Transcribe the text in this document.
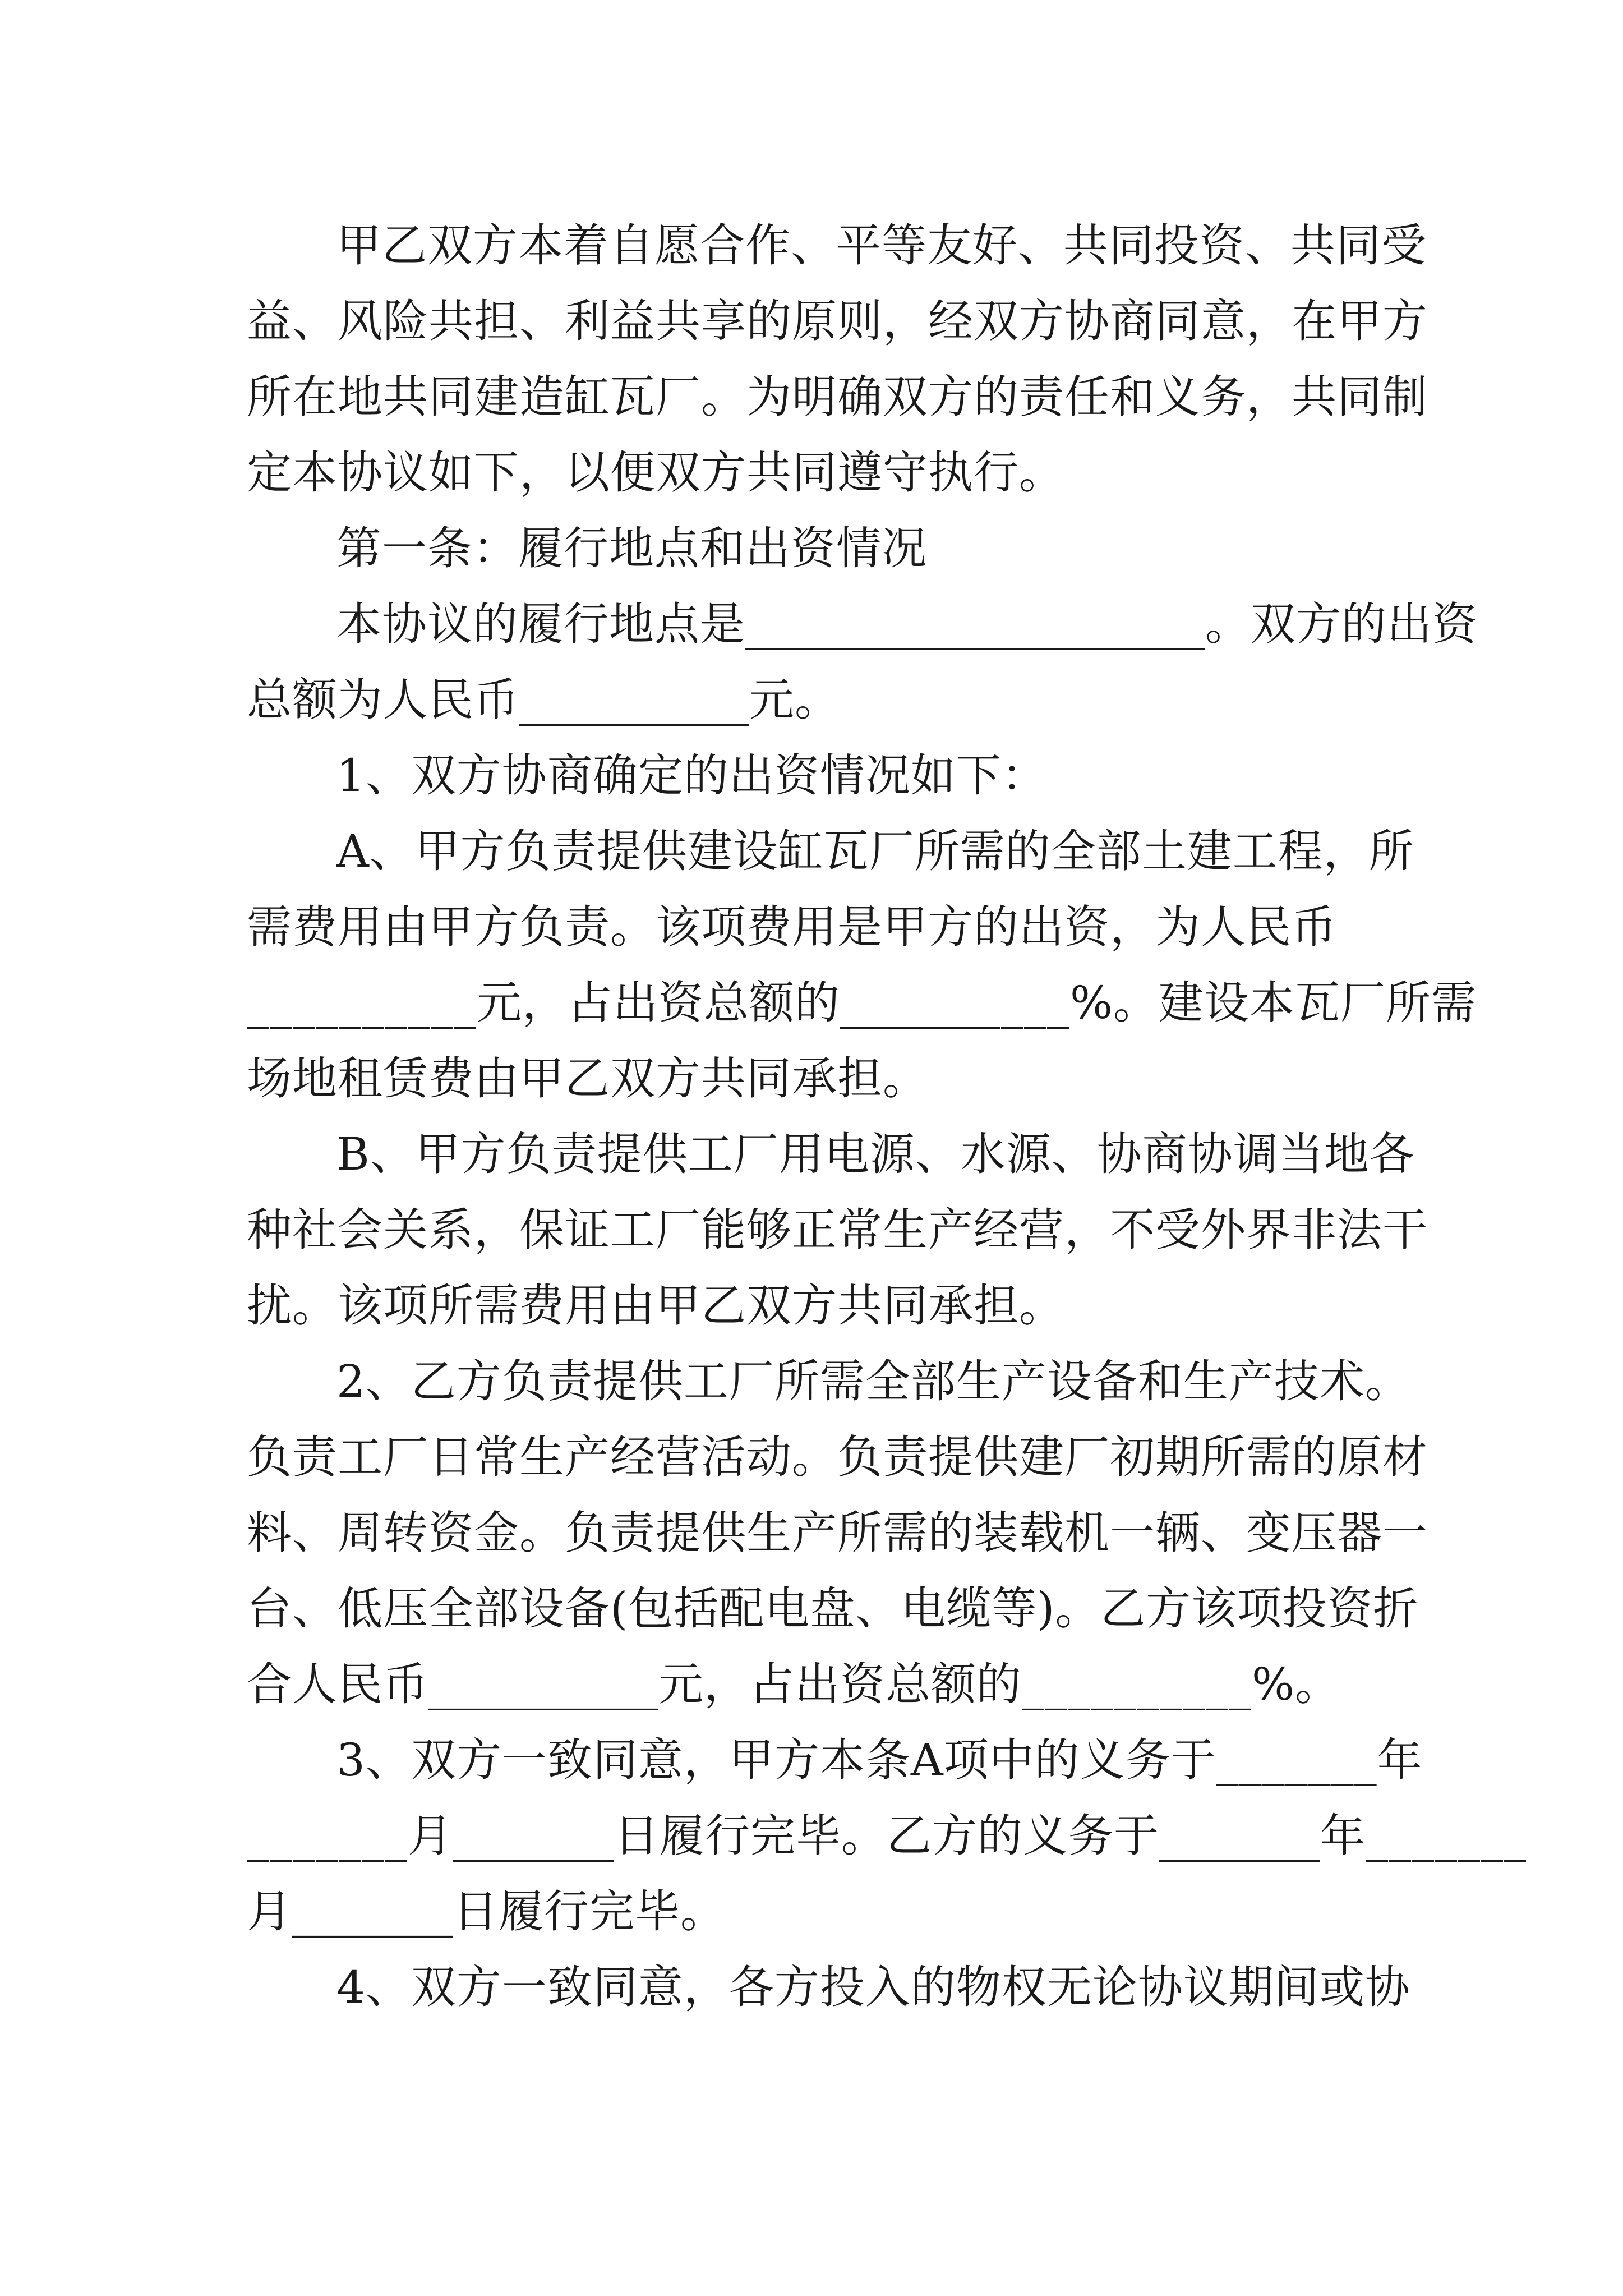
甲乙双方本着自愿合作、平等友好、共同投资、共同受
益、风险共担、利益共享的原则，经双方协商同意，在甲方
所在地共同建造缸瓦厂。为明确双方的责任和义务，共同制
定本协议如下，以便双方共同遵守执行。
第一条：履行地点和出资情况
本协议的履行地点是____________________。双方的出资
总额为人民币__________元。
1、双方协商确定的出资情况如下：
A、甲方负责提供建设缸瓦厂所需的全部土建工程，所
需费用由甲方负责。该项费用是甲方的出资，为人民币
__________元，占出资总额的__________%。建设本瓦厂所需
场地租赁费由甲乙双方共同承担。
B、甲方负责提供工厂用电源、水源、协商协调当地各
种社会关系，保证工厂能够正常生产经营，不受外界非法干
扰。该项所需费用由甲乙双方共同承担。
2、乙方负责提供工厂所需全部生产设备和生产技术。
负责工厂日常生产经营活动。负责提供建厂初期所需的原材
料、周转资金。负责提供生产所需的装载机一辆、变压器一
台、低压全部设备(包括配电盘、电缆等)。乙方该项投资折
合人民币__________元，占出资总额的__________%。
3、双方一致同意，甲方本条A项中的义务于_______年
_______月_______日履行完毕。乙方的义务于_______年_______
月_______日履行完毕。
4、双方一致同意，各方投入的物权无论协议期间或协
